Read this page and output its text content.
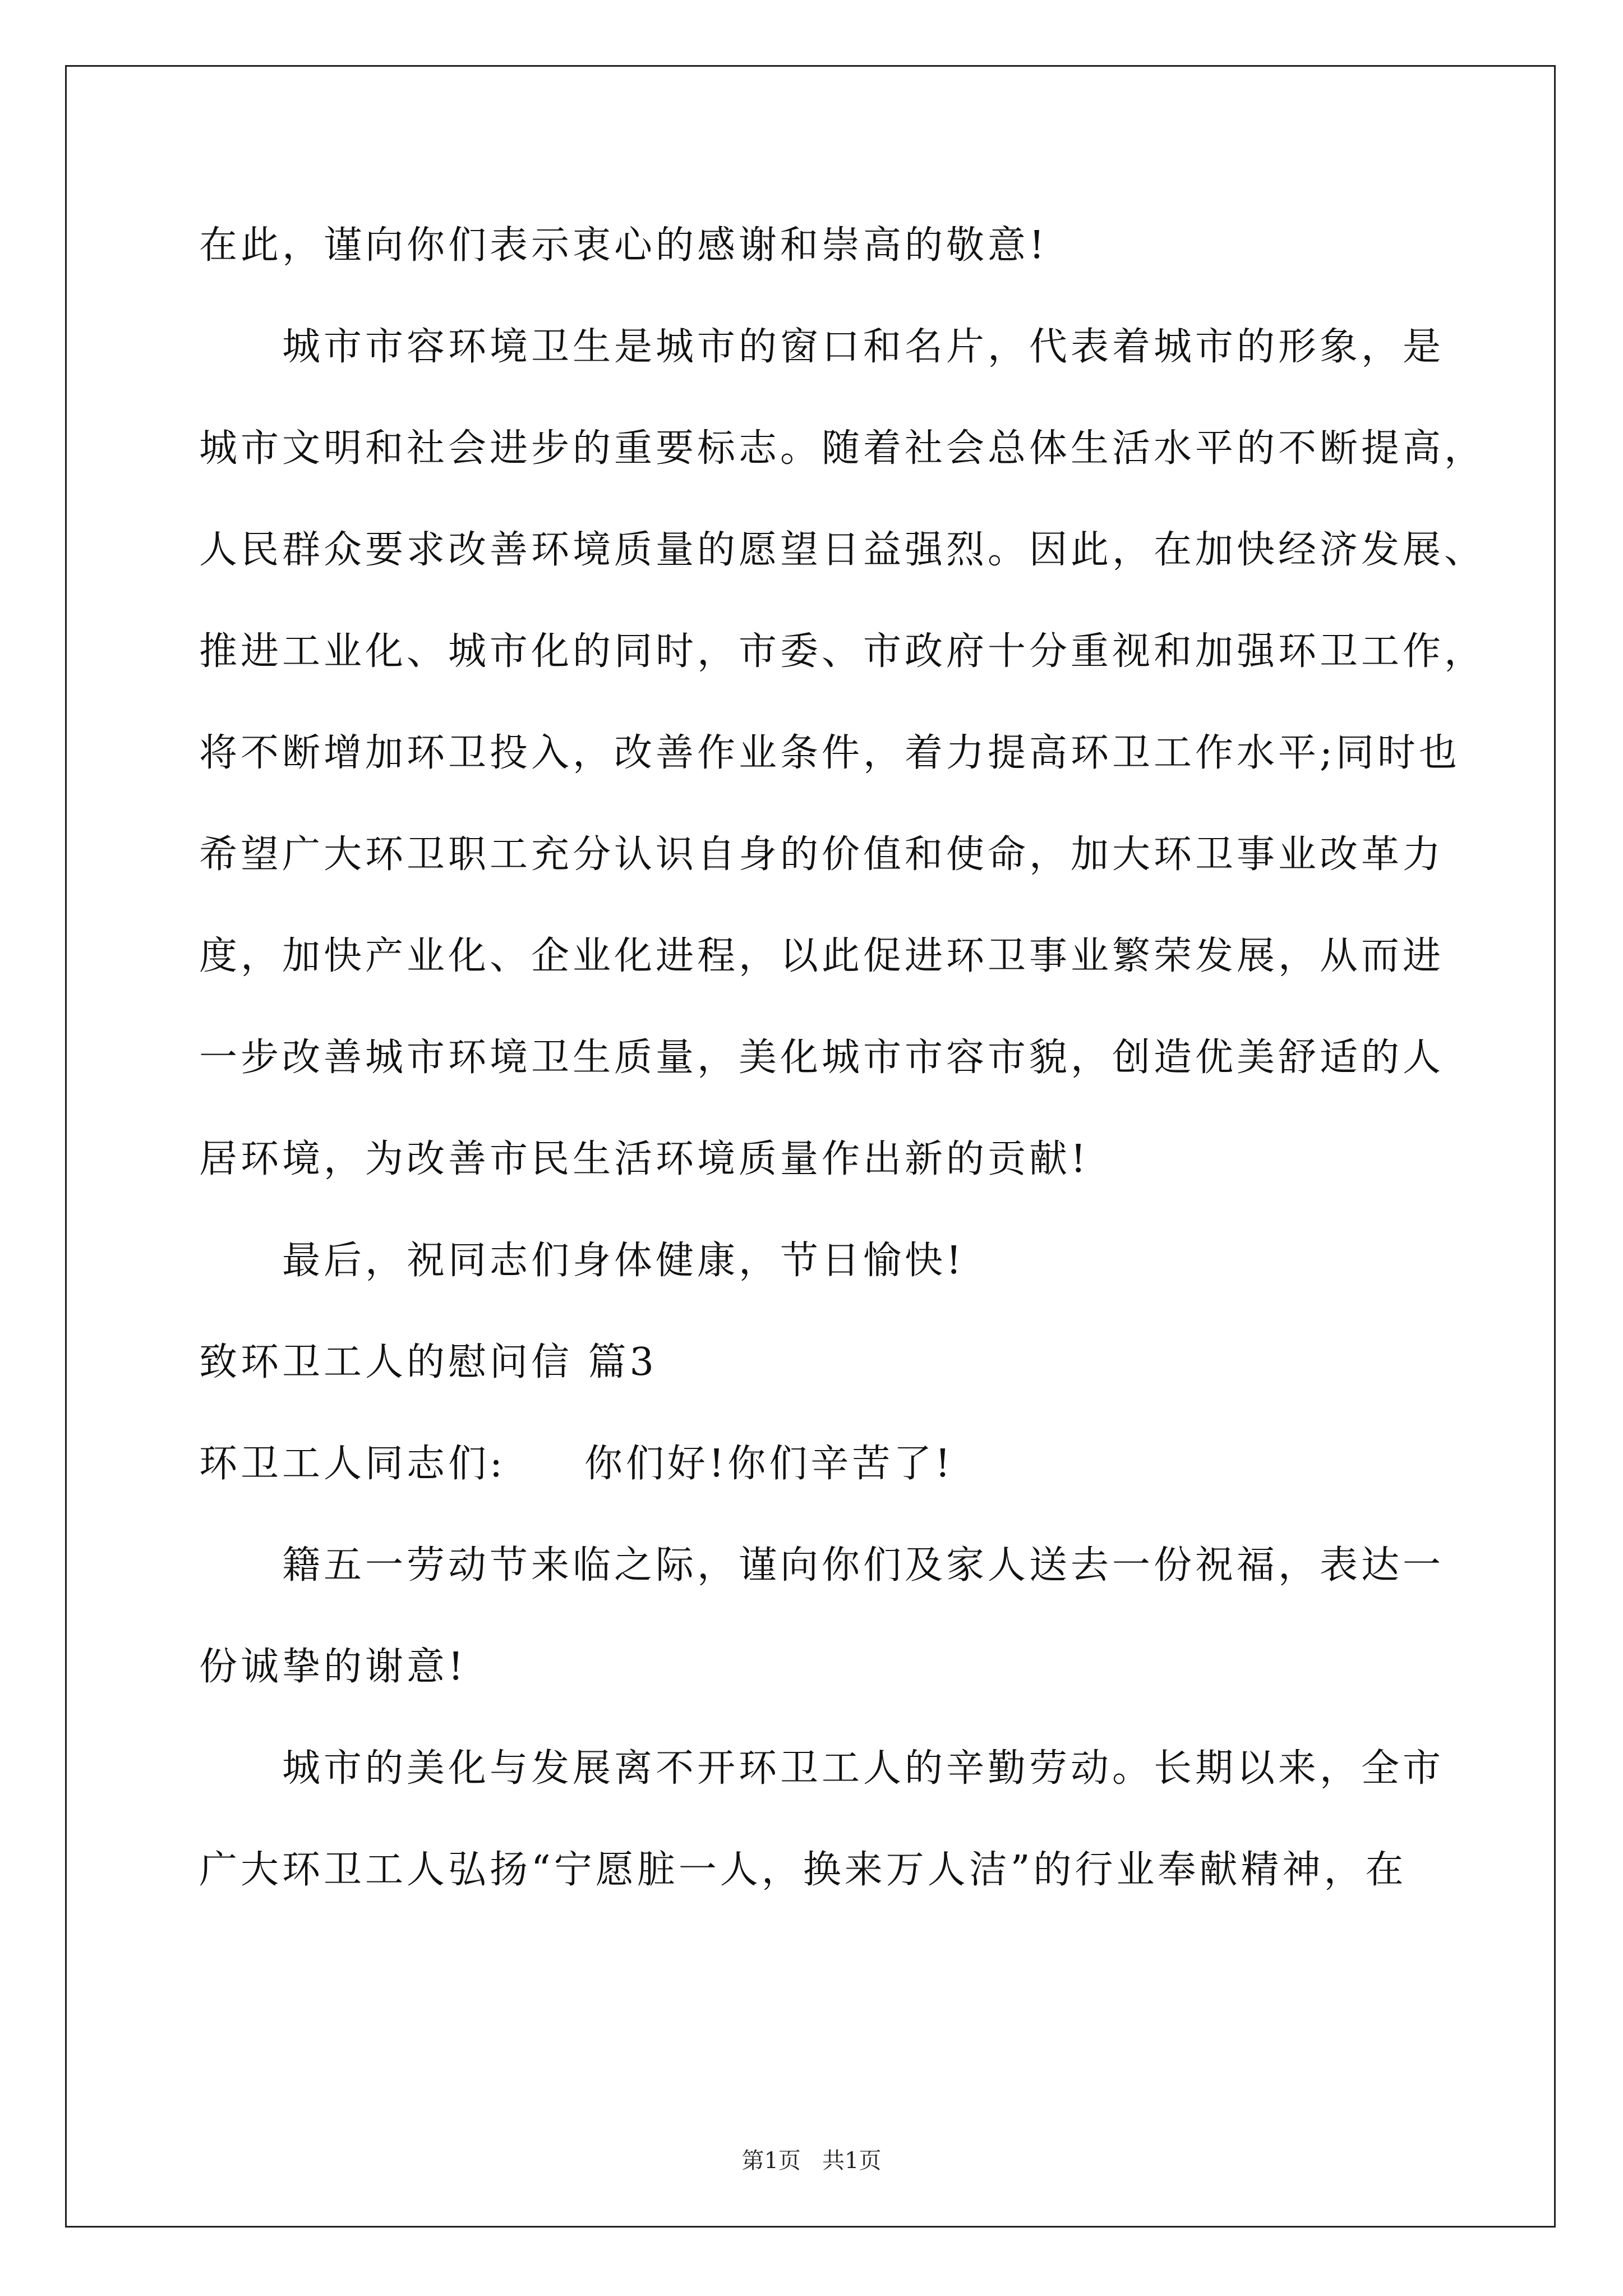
在此，谨向你们表示衷心的感谢和崇高的敬意!
城市市容环境卫生是城市的窗口和名片，代表着城市的形象，是
城市文明和社会进步的重要标志。随着社会总体生活水平的不断提高，
人民群众要求改善环境质量的愿望日益强烈。因此，在加快经济发展、
推进工业化、城市化的同时，市委、市政府十分重视和加强环卫工作，
将不断增加环卫投入，改善作业条件，着力提高环卫工作水平;同时也
希望广大环卫职工充分认识自身的价值和使命，加大环卫事业改革力
度，加快产业化、企业化进程，以此促进环卫事业繁荣发展，从而进
一步改善城市环境卫生质量，美化城市市容市貌，创造优美舒适的人
居环境，为改善市民生活环境质量作出新的贡献!
最后，祝同志们身体健康，节日愉快!
致环卫工人的慰问信 篇3
环卫工人同志们: 你们好!你们辛苦了!
籍五一劳动节来临之际，谨向你们及家人送去一份祝福，表达一
份诚挚的谢意!
城市的美化与发展离不开环卫工人的辛勤劳动。长期以来，全市
广大环卫工人弘扬“宁愿脏一人，换来万人洁”的行业奉献精神，在
第1页   共1页
